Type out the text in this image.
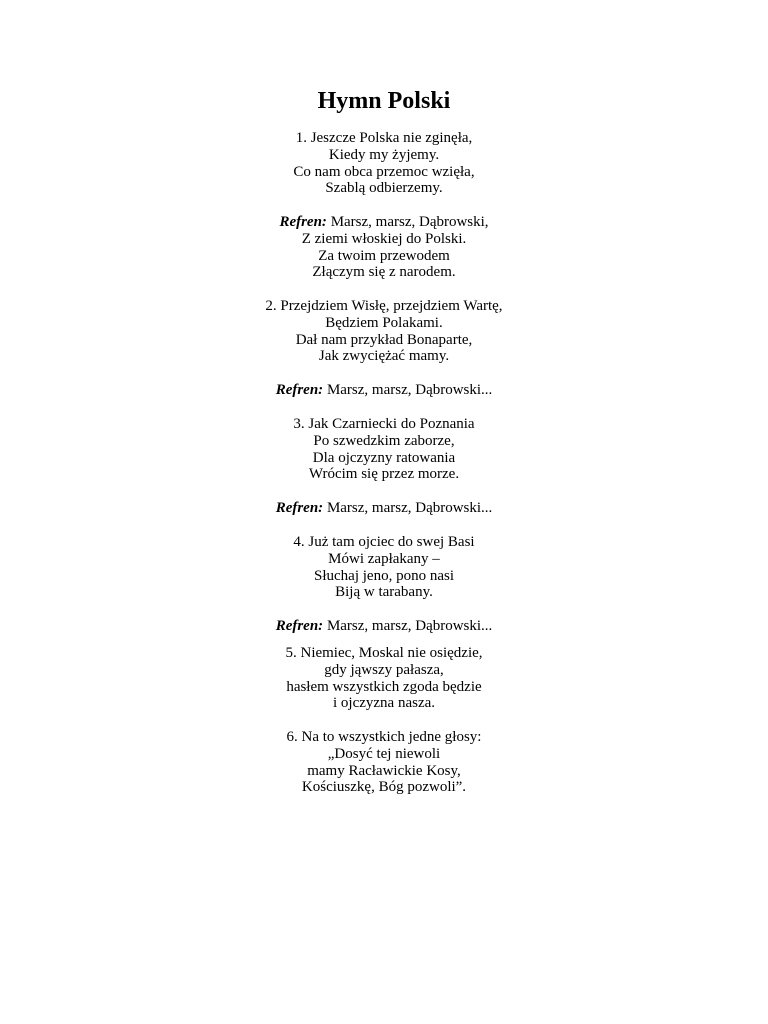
Hymn Polski
1. Jeszcze Polska nie zginęła,
Kiedy my żyjemy.
Co nam obca przemoc wzięła,
Szablą odbierzemy.
Refren: Marsz, marsz, Dąbrowski,
Z ziemi włoskiej do Polski.
Za twoim przewodem
Złączym się z narodem.
2. Przejdziem Wisłę, przejdziem Wartę,
Będziem Polakami.
Dał nam przykład Bonaparte,
Jak zwyciężać mamy.
Refren: Marsz, marsz, Dąbrowski...
3. Jak Czarniecki do Poznania
Po szwedzkim zaborze,
Dla ojczyzny ratowania
Wrócim się przez morze.
Refren: Marsz, marsz, Dąbrowski...
4. Już tam ojciec do swej Basi
Mówi zapłakany –
Słuchaj jeno, pono nasi
Biją w tarabany.
Refren: Marsz, marsz, Dąbrowski...
5. Niemiec, Moskal nie osiędzie,
gdy jąwszy pałasza,
hasłem wszystkich zgoda będzie
i ojczyzna nasza.
6. Na to wszystkich jedne głosy:
„Dosyć tej niewoli
mamy Racławickie Kosy,
Kościuszkę, Bóg pozwoli”.
